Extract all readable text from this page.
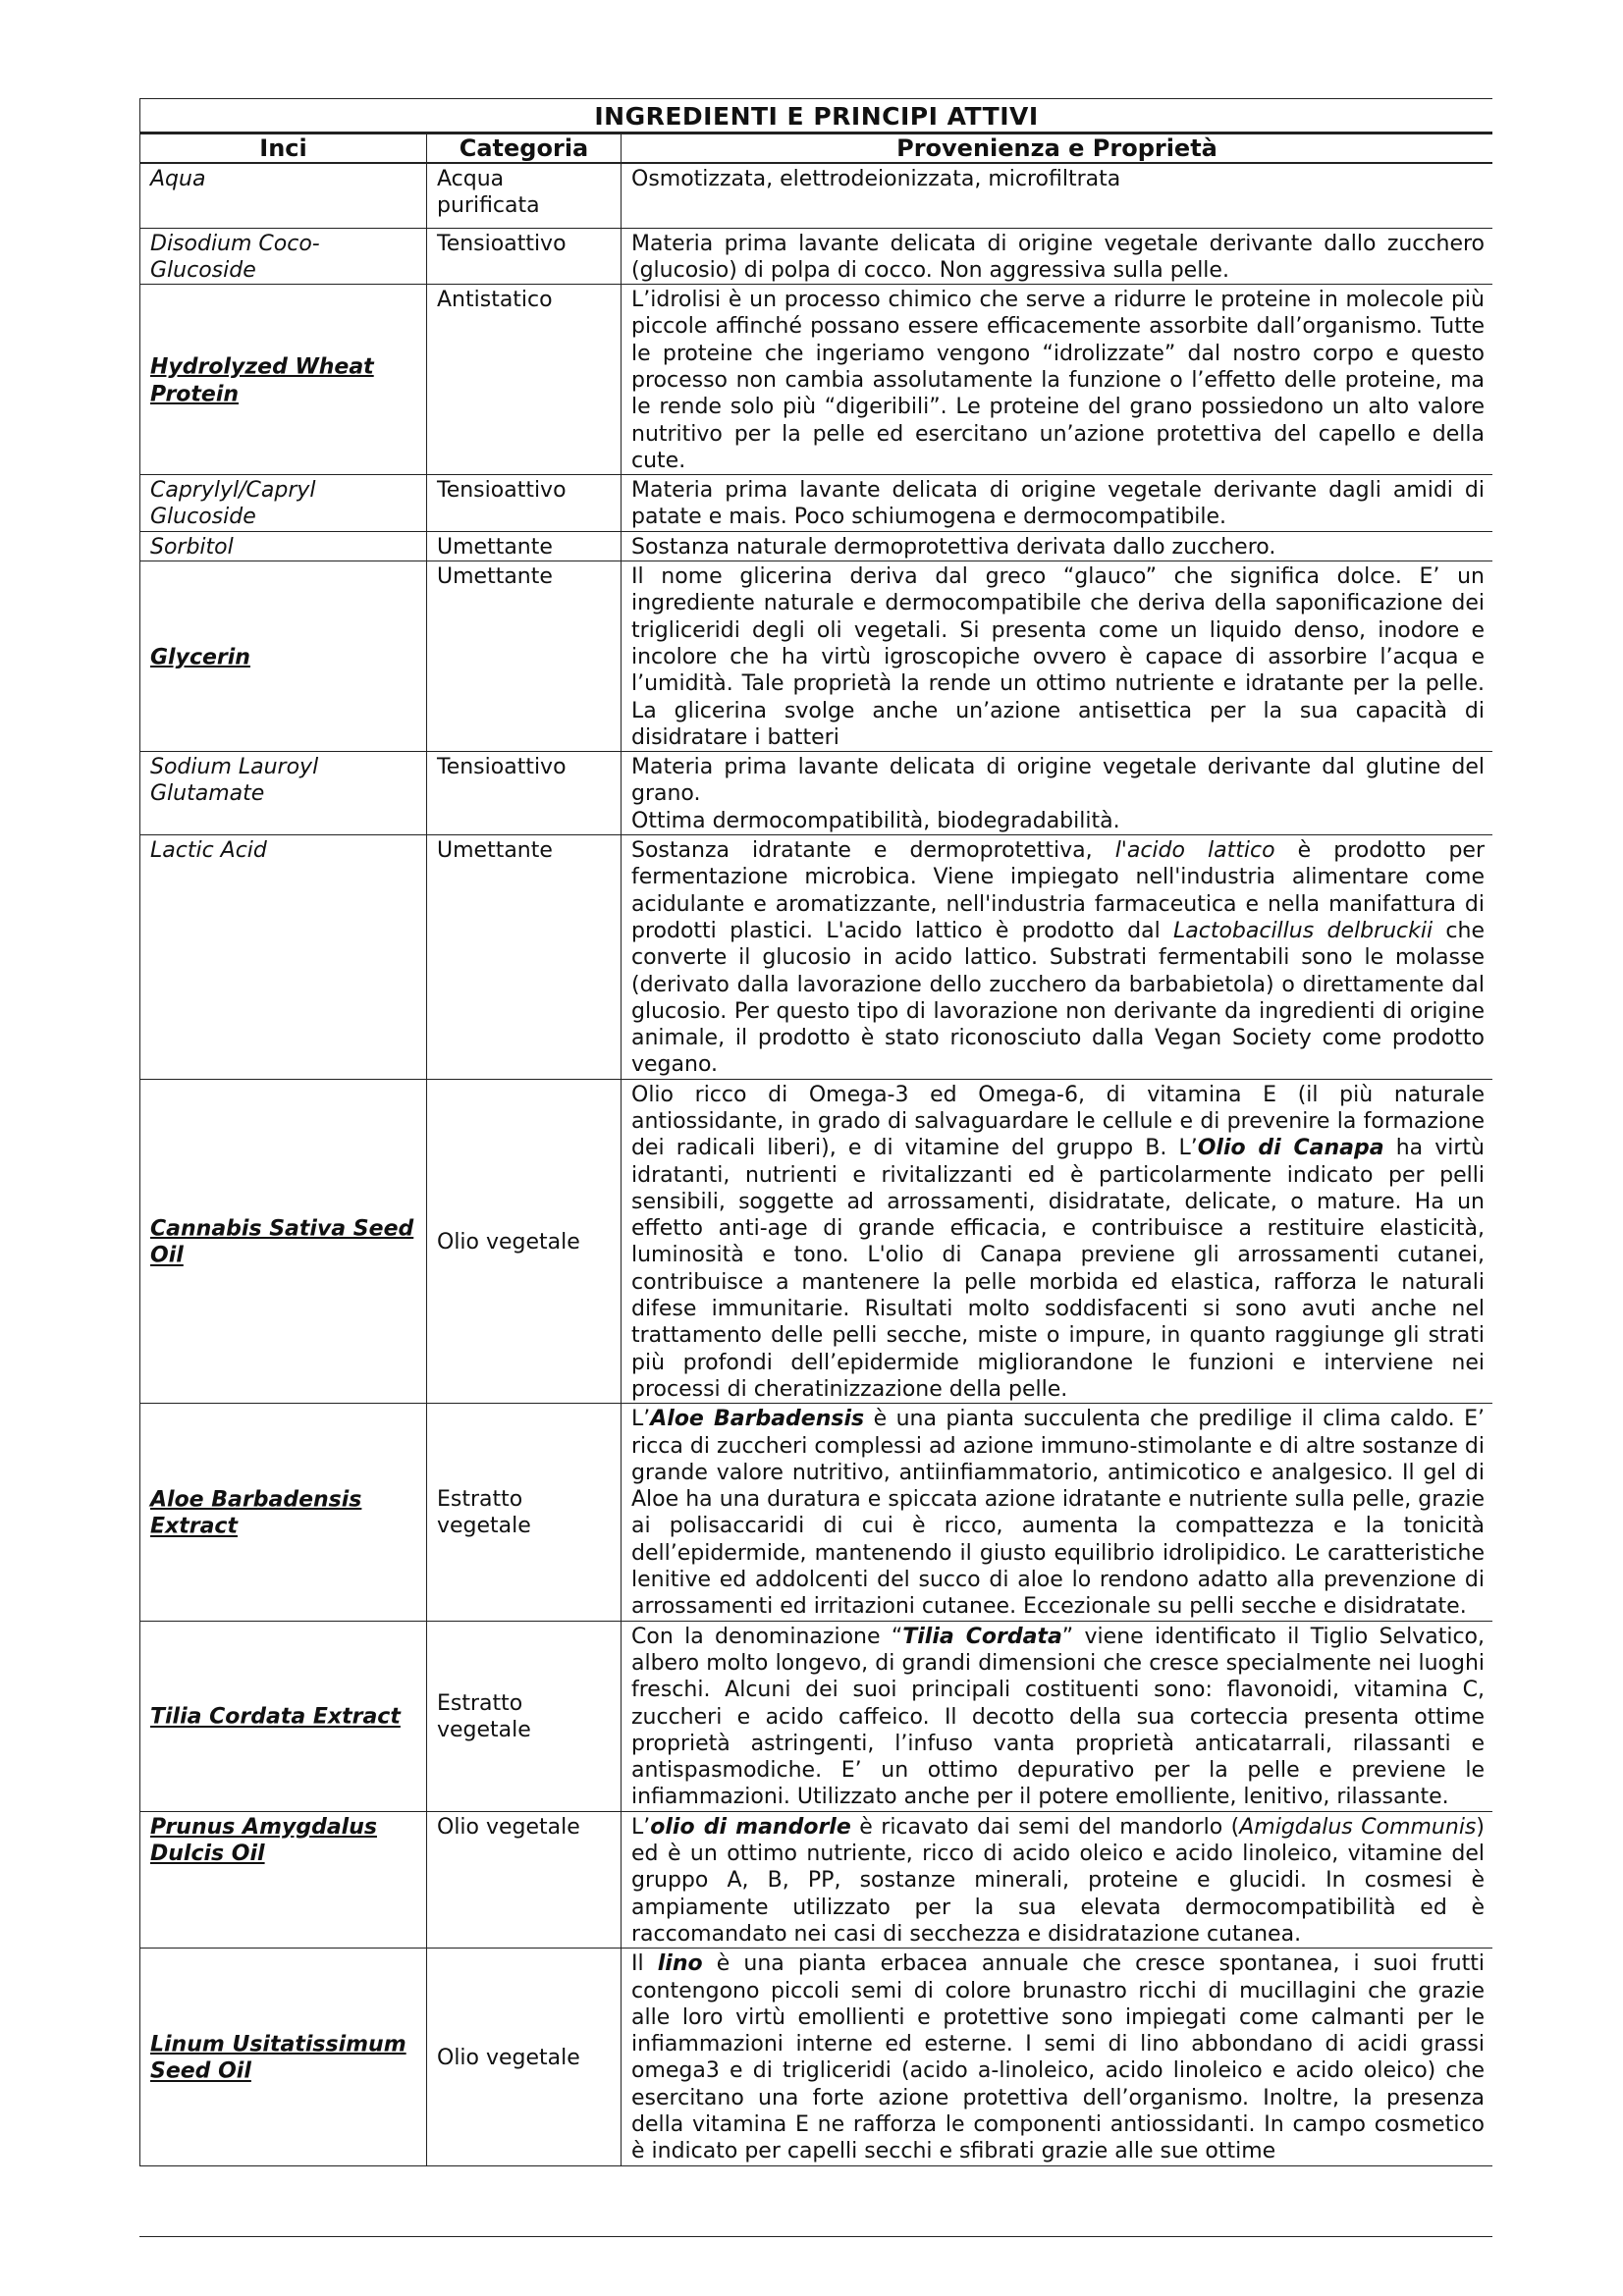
INGREDIENTI E PRINCIPI ATTIVI		
Inci	Categoria	Provenienza e Proprietà
Aqua	Acqua purificata	Osmotizzata, elettrodeionizzata, microfiltrata
Disodium Coco-Glucoside	Tensioattivo	Materia prima lavante delicata di origine vegetale derivante dallo zucchero (glucosio) di polpa di cocco. Non aggressiva sulla pelle.
Hydrolyzed Wheat Protein	Antistatico	L’idrolisi è un processo chimico che serve a ridurre le proteine in molecole più piccole affinché possano essere efficacemente assorbite dall’organismo. Tutte le proteine che ingeriamo vengono “idrolizzate” dal nostro corpo e questo processo non cambia assolutamente la funzione o l’effetto delle proteine, ma le rende solo più “digeribili”. Le proteine del grano possiedono un alto valore nutritivo per la pelle ed esercitano un’azione protettiva del capello e della cute.
Caprylyl/Capryl Glucoside	Tensioattivo	Materia prima lavante delicata di origine vegetale derivante dagli amidi di patate e mais. Poco schiumogena e dermocompatibile.
Sorbitol	Umettante	Sostanza naturale dermoprotettiva derivata dallo zucchero.
Glycerin	Umettante	Il nome glicerina deriva dal greco “glauco” che significa dolce. E’ un ingrediente naturale e dermocompatibile che deriva della saponificazione dei trigliceridi degli oli vegetali. Si presenta come un liquido denso, inodore e incolore che ha virtù igroscopiche ovvero è capace di assorbire l’acqua e l’umidità. Tale proprietà la rende un ottimo nutriente e idratante per la pelle. La glicerina svolge anche un’azione antisettica per la sua capacità di disidratare i batteri
Sodium Lauroyl Glutamate	Tensioattivo	Materia prima lavante delicata di origine vegetale derivante dal glutine del grano.
Ottima dermocompatibilità, biodegradabilità.

Lactic Acid	Umettante	Sostanza idratante e dermoprotettiva, l'acido lattico è prodotto per fermentazione microbica. Viene impiegato nell'industria alimentare come acidulante e aromatizzante, nell'industria farmaceutica e nella manifattura di prodotti plastici. L'acido lattico è prodotto dal Lactobacillus delbruckii che converte il glucosio in acido lattico. Substrati fermentabili sono le molasse (derivato dalla lavorazione dello zucchero da barbabietola) o direttamente dal glucosio. Per questo tipo di lavorazione non derivante da ingredienti di origine animale, il prodotto è stato riconosciuto dalla Vegan Society come prodotto vegano.
Cannabis Sativa Seed Oil	Olio vegetale	Olio ricco di Omega-3 ed Omega-6, di vitamina E (il più naturale antiossidante, in grado di salvaguardare le cellule e di prevenire la formazione dei radicali liberi), e di vitamine del gruppo B. L’Olio di Canapa ha virtù idratanti, nutrienti e rivitalizzanti ed è particolarmente indicato per pelli sensibili, soggette ad arrossamenti, disidratate, delicate, o mature. Ha un effetto anti-age di grande efficacia, e contribuisce a restituire elasticità, luminosità e tono. L'olio di Canapa previene gli arrossamenti cutanei, contribuisce a mantenere la pelle morbida ed elastica, rafforza le naturali difese immunitarie. Risultati molto soddisfacenti si sono avuti anche nel trattamento delle pelli secche, miste o impure, in quanto raggiunge gli strati più profondi dell’epidermide migliorandone le funzioni e interviene nei processi di cheratinizzazione della pelle.
Aloe Barbadensis Extract	Estratto vegetale	L’Aloe Barbadensis è una pianta succulenta che predilige il clima caldo. E’ ricca di zuccheri complessi ad azione immuno-stimolante e di altre sostanze di grande valore nutritivo, antiinfiammatorio, antimicotico e analgesico. Il gel di Aloe ha una duratura e spiccata azione idratante e nutriente sulla pelle, grazie ai polisaccaridi di cui è ricco, aumenta la compattezza e la tonicità dell’epidermide, mantenendo il giusto equilibrio idrolipidico. Le caratteristiche lenitive ed addolcenti del succo di aloe lo rendono adatto alla prevenzione di arrossamenti ed irritazioni cutanee. Eccezionale su pelli secche e disidratate.
Tilia Cordata Extract	Estratto vegetale	Con la denominazione “Tilia Cordata” viene identificato il Tiglio Selvatico, albero molto longevo, di grandi dimensioni che cresce specialmente nei luoghi freschi. Alcuni dei suoi principali costituenti sono: flavonoidi, vitamina C, zuccheri e acido caffeico. Il decotto della sua corteccia presenta ottime proprietà astringenti, l’infuso vanta proprietà anticatarrali, rilassanti e antispasmodiche. E’ un ottimo depurativo per la pelle e previene le infiammazioni. Utilizzato anche per il potere emolliente, lenitivo, rilassante.
Prunus Amygdalus Dulcis Oil	Olio vegetale	L’olio di mandorle è ricavato dai semi del mandorlo (Amigdalus Communis) ed è un ottimo nutriente, ricco di acido oleico e acido linoleico, vitamine del gruppo A, B, PP, sostanze minerali, proteine e glucidi. In cosmesi è ampiamente utilizzato per la sua elevata dermocompatibilità ed è raccomandato nei casi di secchezza e disidratazione cutanea.
Linum Usitatissimum Seed Oil	Olio vegetale	Il lino è una pianta erbacea annuale che cresce spontanea, i suoi frutti contengono piccoli semi di colore brunastro ricchi di mucillagini che grazie alle loro virtù emollienti e protettive sono impiegati come calmanti per le infiammazioni interne ed esterne. I semi di lino abbondano di acidi grassi omega3 e di trigliceridi (acido a-linoleico, acido linoleico e acido oleico) che esercitano una forte azione protettiva dell’organismo. Inoltre, la presenza della vitamina E ne rafforza le componenti antiossidanti. In campo cosmetico è indicato per capelli secchi e sfibrati grazie alle sue ottime
